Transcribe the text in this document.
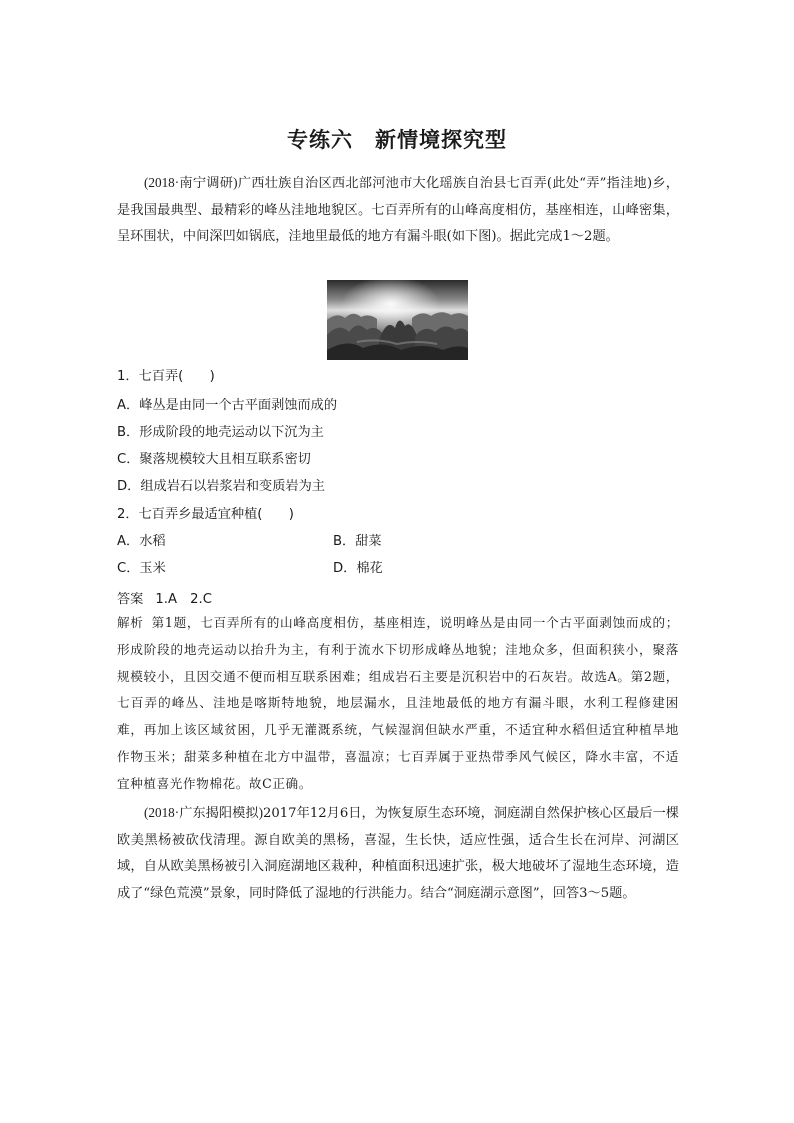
专练六　新情境探究型

(2018·南宁调研)广西壮族自治区西北部河池市大化瑶族自治县七百弄(此处“弄”指洼地)乡，是我国最典型、最精彩的峰丛洼地地貌区。七百弄所有的山峰高度相仿，基座相连，山峰密集，呈环围状，中间深凹如锅底，洼地里最低的地方有漏斗眼(如下图)。据此完成1～2题。

1．七百弄(　　)
A．峰丛是由同一个古平面剥蚀而成的
B．形成阶段的地壳运动以下沉为主
C．聚落规模较大且相互联系密切
D．组成岩石以岩浆岩和变质岩为主
2．七百弄乡最适宜种植(　　)
A．水稻	B．甜菜
C．玉米	D．棉花
答案 1.A　2.C

解析 第1题，七百弄所有的山峰高度相仿，基座相连，说明峰丛是由同一个古平面剥蚀而成的；形成阶段的地壳运动以抬升为主，有利于流水下切形成峰丛地貌；洼地众多，但面积狭小，聚落规模较小，且因交通不便而相互联系困难；组成岩石主要是沉积岩中的石灰岩。故选A。第2题，七百弄的峰丛、洼地是喀斯特地貌，地层漏水，且洼地最低的地方有漏斗眼，水利工程修建困难，再加上该区域贫困，几乎无灌溉系统，气候湿润但缺水严重，不适宜种水稻但适宜种植旱地作物玉米；甜菜多种植在北方中温带，喜温凉；七百弄属于亚热带季风气候区，降水丰富，不适宜种植喜光作物棉花。故C正确。

(2018·广东揭阳模拟)2017年12月6日，为恢复原生态环境，洞庭湖自然保护核心区最后一棵欧美黑杨被砍伐清理。源自欧美的黑杨，喜湿，生长快，适应性强，适合生长在河岸、河湖区域，自从欧美黑杨被引入洞庭湖地区栽种，种植面积迅速扩张，极大地破坏了湿地生态环境，造成了“绿色荒漠”景象，同时降低了湿地的行洪能力。结合“洞庭湖示意图”，回答3～5题。
